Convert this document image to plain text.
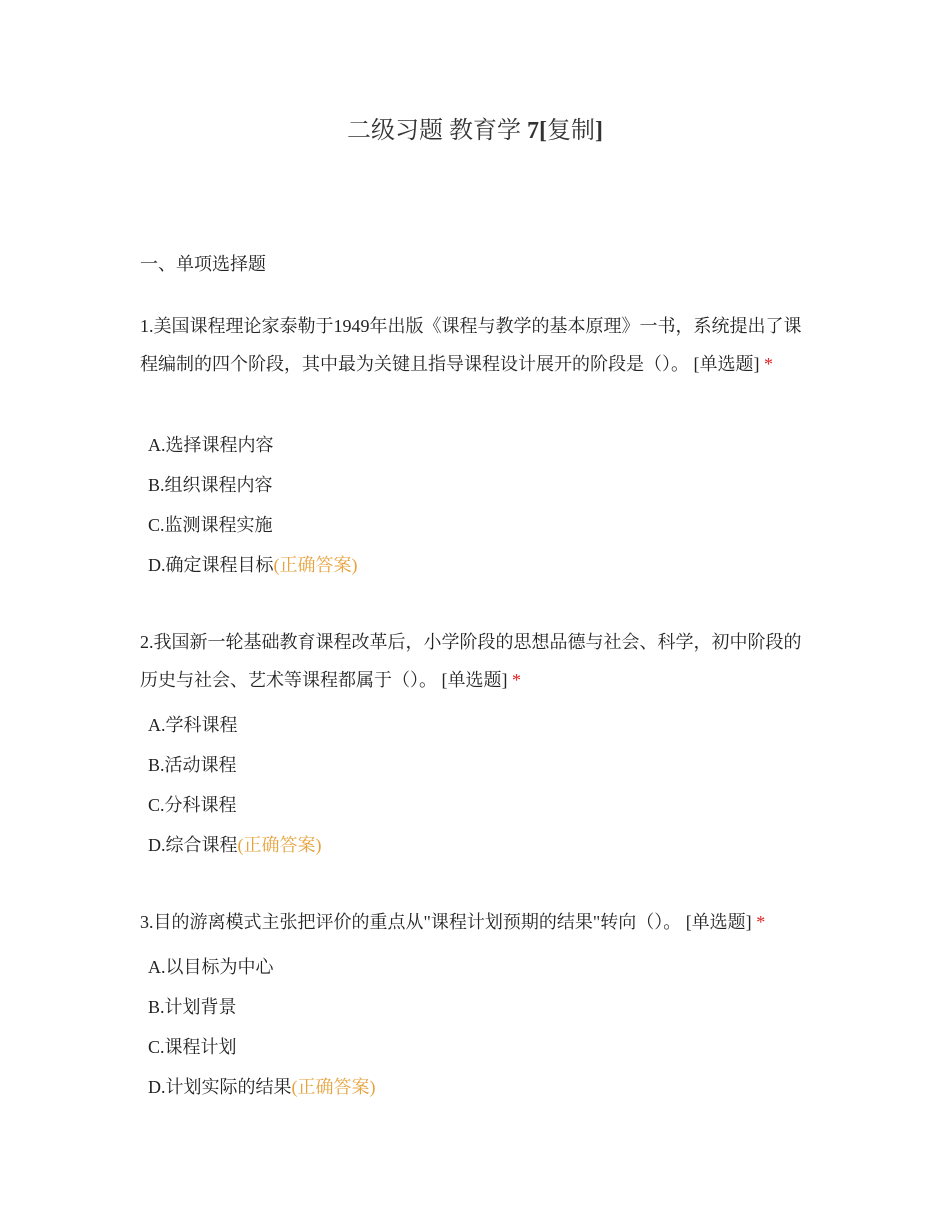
二级习题 教育学 7[复制]
一、单项选择题
1.美国课程理论家泰勒于1949年出版《课程与教学的基本原理》一书，系统提出了课程编制的四个阶段，其中最为关键且指导课程设计展开的阶段是（）。 [单选题] *
A.选择课程内容
B.组织课程内容
C.监测课程实施
D.确定课程目标(正确答案)
2.我国新一轮基础教育课程改革后，小学阶段的思想品德与社会、科学，初中阶段的历史与社会、艺术等课程都属于（）。 [单选题] *
A.学科课程
B.活动课程
C.分科课程
D.综合课程(正确答案)
3.目的游离模式主张把评价的重点从"课程计划预期的结果"转向（）。 [单选题] *
A.以目标为中心
B.计划背景
C.课程计划
D.计划实际的结果(正确答案)
